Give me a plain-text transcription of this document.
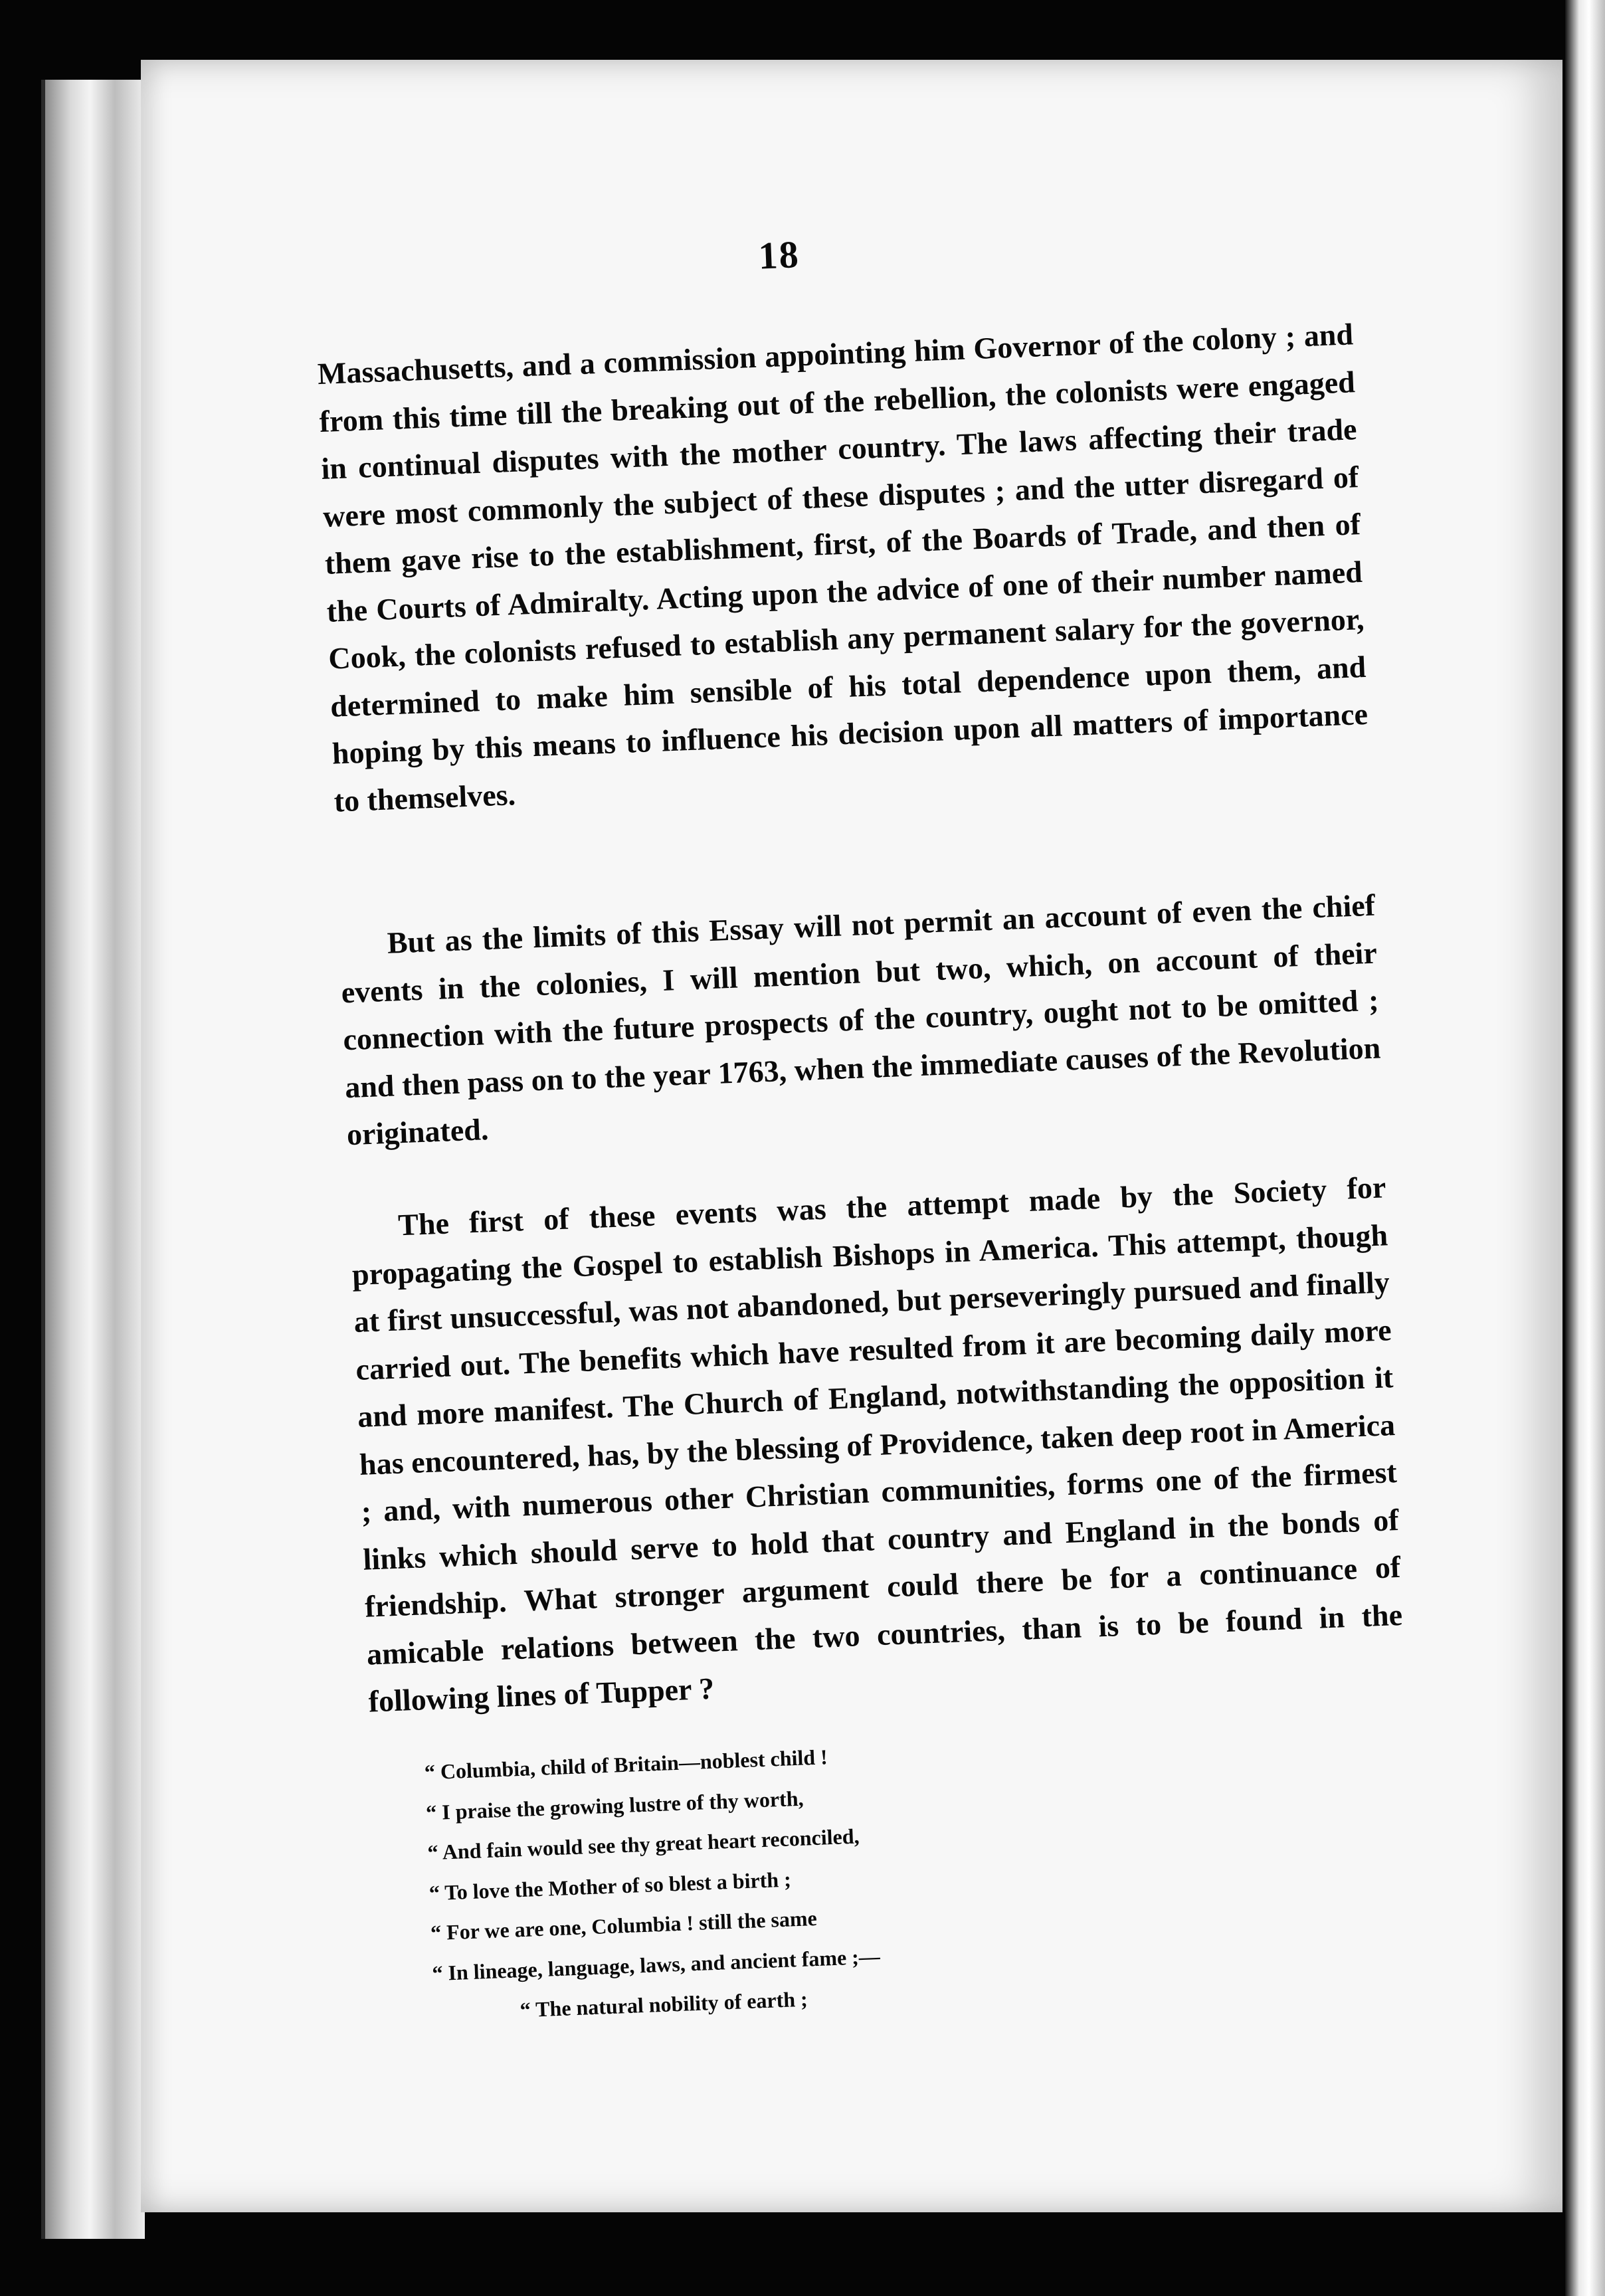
18

Massachusetts, and a commission appointing him Governor of the colony ; and from this time till the breaking out of the rebellion, the colonists were engaged in continual disputes with the mother country. The laws affecting their trade were most commonly the subject of these disputes ; and the utter disregard of them gave rise to the establishment, first, of the Boards of Trade, and then of the Courts of Admiralty. Acting upon the advice of one of their number named Cook, the colonists refused to establish any permanent salary for the governor, determined to make him sensible of his total dependence upon them, and hoping by this means to influence his decision upon all matters of importance to themselves.

But as the limits of this Essay will not permit an account of even the chief events in the colonies, I will mention but two, which, on account of their connection with the future prospects of the country, ought not to be omitted ; and then pass on to the year 1763, when the immediate causes of the Revolution originated.

The first of these events was the attempt made by the Society for propagating the Gospel to establish Bishops in America. This attempt, though at first unsuccessful, was not abandoned, but perseveringly pursued and finally carried out. The benefits which have resulted from it are becoming daily more and more manifest. The Church of England, notwithstanding the opposition it has encountered, has, by the blessing of Providence, taken deep root in America ; and, with numerous other Christian communities, forms one of the firmest links which should serve to hold that country and England in the bonds of friendship. What stronger argument could there be for a continuance of amicable relations between the two countries, than is to be found in the following lines of Tupper ?

“ Columbia, child of Britain—noblest child !
“ I praise the growing lustre of thy worth,
“ And fain would see thy great heart reconciled,
“ To love the Mother of so blest a birth ;
“ For we are one, Columbia ! still the same
“ In lineage, language, laws, and ancient fame ;—
“ The natural nobility of earth ;
